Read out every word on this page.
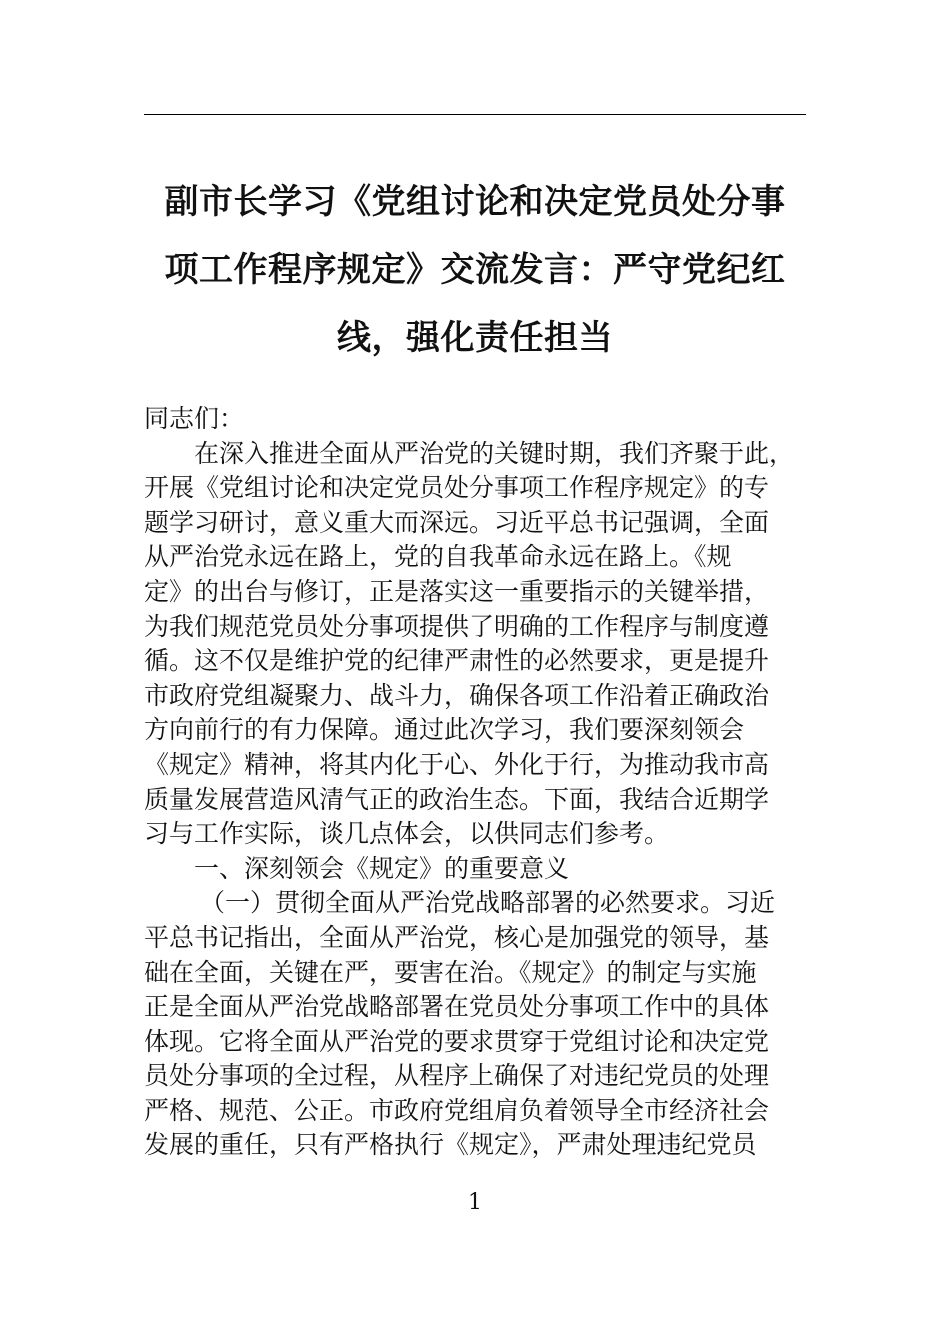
副市长学习《党组讨论和决定党员处分事
项工作程序规定》交流发言：严守党纪红
线，强化责任担当
同志们：
在深入推进全面从严治党的关键时期，我们齐聚于此，
开展《党组讨论和决定党员处分事项工作程序规定》的专
题学习研讨，意义重大而深远。习近平总书记强调，全面
从严治党永远在路上，党的自我革命永远在路上。《规
定》的出台与修订，正是落实这一重要指示的关键举措，
为我们规范党员处分事项提供了明确的工作程序与制度遵
循。这不仅是维护党的纪律严肃性的必然要求，更是提升
市政府党组凝聚力、战斗力，确保各项工作沿着正确政治
方向前行的有力保障。通过此次学习，我们要深刻领会
《规定》精神，将其内化于心、外化于行，为推动我市高
质量发展营造风清气正的政治生态。下面，我结合近期学
习与工作实际，谈几点体会，以供同志们参考。
一、深刻领会《规定》的重要意义
（一）贯彻全面从严治党战略部署的必然要求。习近
平总书记指出，全面从严治党，核心是加强党的领导，基
础在全面，关键在严，要害在治。《规定》的制定与实施
正是全面从严治党战略部署在党员处分事项工作中的具体
体现。它将全面从严治党的要求贯穿于党组讨论和决定党
员处分事项的全过程，从程序上确保了对违纪党员的处理
严格、规范、公正。市政府党组肩负着领导全市经济社会
发展的重任，只有严格执行《规定》，严肃处理违纪党员
1
